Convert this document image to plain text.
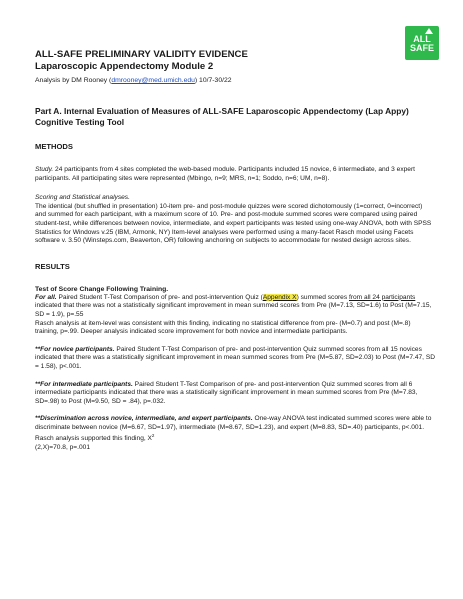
ALL
SAFE
ALL-SAFE PRELIMINARY VALIDITY EVIDENCE
Laparoscopic Appendectomy Module 2
Analysis by DM Rooney (dmrooney@med.umich.edu) 10/7-30/22
Part A. Internal Evaluation of Measures of ALL-SAFE Laparoscopic Appendectomy (Lap Appy) Cognitive Testing Tool
METHODS

Study. 24 participants from 4 sites completed the web-based module. Participants included 15 novice, 6 intermediate, and 3 expert participants. All participating sites were represented (Mbingo, n=9; MRS, n=1; Soddo, n=6; UM, n=8).

Scoring and Statistical analyses.

The identical (but shuffled in presentation) 10-item pre- and post-module quizzes were scored dichotomously (1=correct, 0=incorrect) and summed for each participant, with a maximum score of 10. Pre- and post-module summed scores were compared using paired student-test, while differences between novice, intermediate, and expert participants was tested using one-way ANOVA, both with SPSS Statistics for Windows v.25 (IBM, Armonk, NY) Item-level analyses were performed using a many-facet Rasch model using Facets software v. 3.50 (Winsteps.com, Beaverton, OR) following anchoring on subjects to accommodate for nested design across sites.

RESULTS
Test of Score Change Following Training.

For all. Paired Student T-Test Comparison of pre- and post-intervention Quiz (Appendix X) summed scores from all 24 participants indicated that there was not a statistically significant improvement in mean summed scores from Pre (M=7.13, SD=1.6) to Post (M=7.15, SD = 1.9), p=.55

Rasch analysis at item-level was consistent with this finding, indicating no statistical difference from pre- (M=0.7) and post (M=.8) training, p=.99. Deeper analysis indicated score improvement for both novice and intermediate participants.

**For novice participants. Paired Student T-Test Comparison of pre- and post-intervention Quiz summed scores from all 15 novices indicated that there was a statistically significant improvement in mean summed scores from Pre (M=5.87, SD=2.03) to Post (M=7.47, SD = 1.58), p<.001.

**For intermediate participants. Paired Student T-Test Comparison of pre- and post-intervention Quiz summed scores from all 6 intermediate participants indicated that there was a statistically significant improvement in mean summed scores from Pre (M=7.83, SD=.98) to Post (M=9.50, SD = .84), p=.032.

**Discrimination across novice, intermediate, and expert participants. One-way ANOVA test indicated summed scores were able to discriminate between novice (M=6.67, SD=1.97), intermediate (M=8.67, SD=1.23), and expert (M=8.83, SD=.40) participants, p<.001. Rasch analysis supported this finding, $X^2$
(2,X)=70.8, p=.001
